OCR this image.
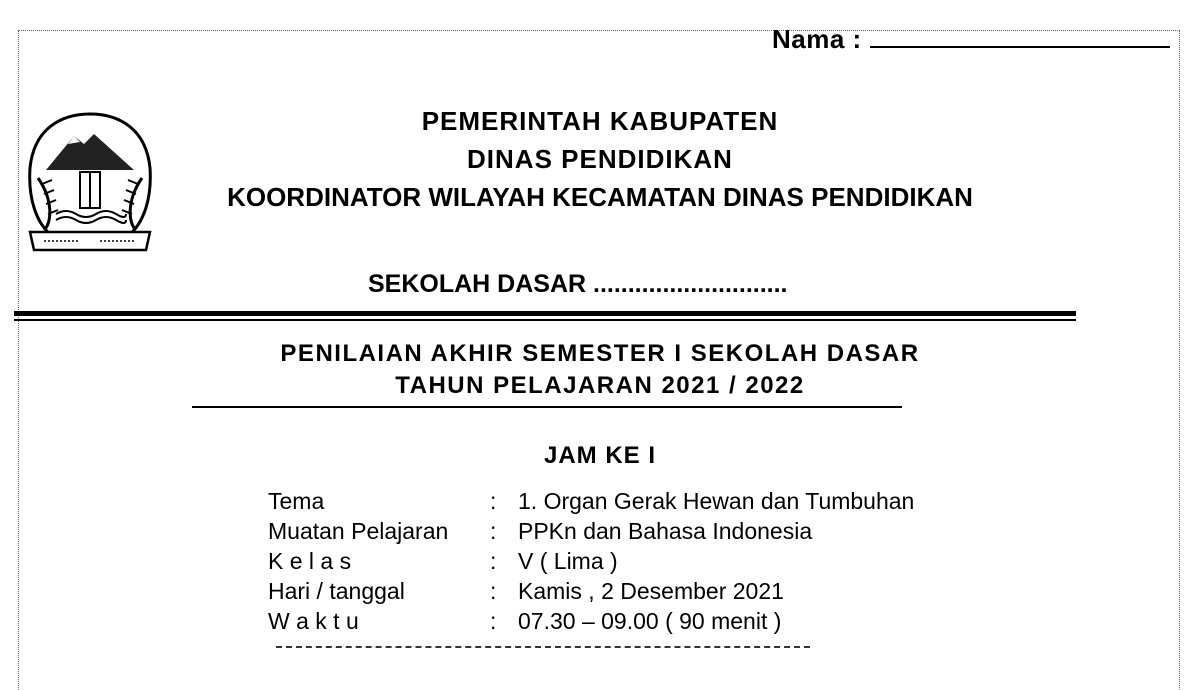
Nama :
PEMERINTAH KABUPATEN
DINAS PENDIDIKAN
KOORDINATOR WILAYAH KECAMATAN DINAS PENDIDIKAN
SEKOLAH DASAR ............................
PENILAIAN AKHIR SEMESTER I SEKOLAH DASAR
TAHUN PELAJARAN 2021 / 2022
JAM KE I
Tema	: 1. Organ Gerak Hewan dan Tumbuhan
Muatan Pelajaran : PPKn dan Bahasa Indonesia
K e l a s	: V ( Lima )
Hari / tanggal	: Kamis , 2 Desember 2021
W a k t u	: 07.30 – 09.00 ( 90 menit )
